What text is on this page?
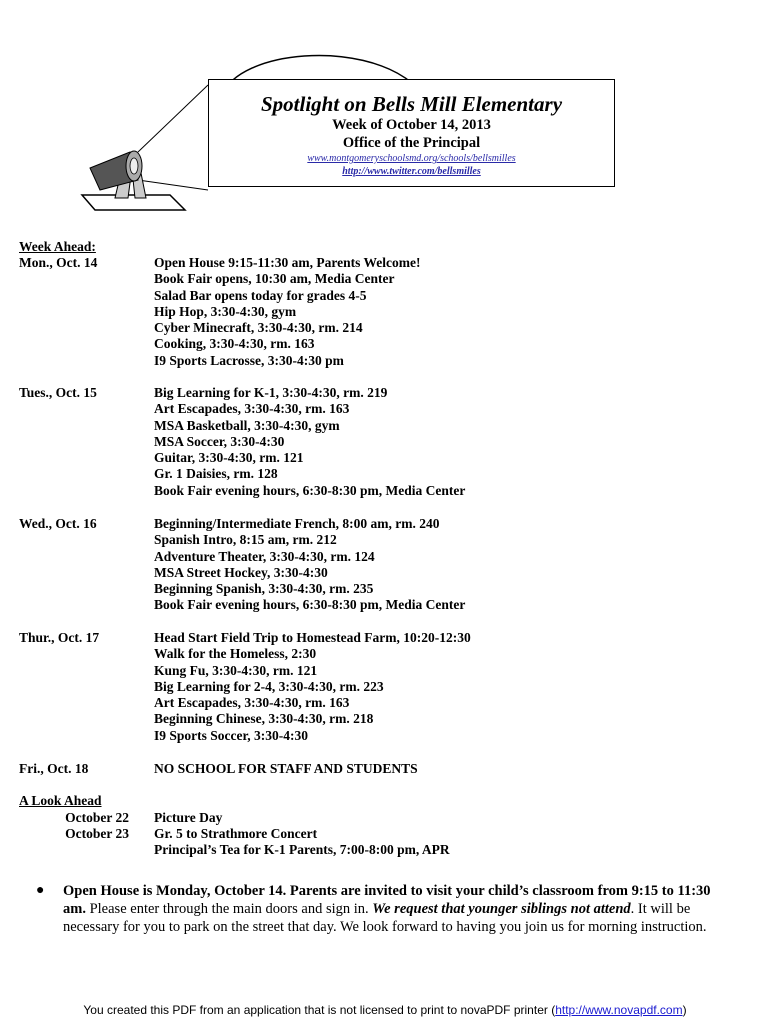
Spotlight on Bells Mill Elementary
Week of October 14, 2013
Office of the Principal
www.montgomeryschoolsmd.org/schools/bellsmilles
http://www.twitter.com/bellsmilles
Week Ahead:
Mon., Oct. 14	Open House 9:15-11:30 am, Parents Welcome!
Book Fair opens, 10:30 am, Media Center
Salad Bar opens today for grades 4-5
Hip Hop, 3:30-4:30, gym
Cyber Minecraft, 3:30-4:30, rm. 214
Cooking, 3:30-4:30, rm. 163
I9 Sports Lacrosse, 3:30-4:30 pm
Tues., Oct. 15	Big Learning for K-1, 3:30-4:30, rm. 219
Art Escapades, 3:30-4:30, rm. 163
MSA Basketball, 3:30-4:30, gym
MSA Soccer, 3:30-4:30
Guitar, 3:30-4:30, rm. 121
Gr. 1 Daisies, rm. 128
Book Fair evening hours, 6:30-8:30 pm, Media Center
Wed., Oct. 16	Beginning/Intermediate French, 8:00 am, rm. 240
Spanish Intro, 8:15 am, rm. 212
Adventure Theater, 3:30-4:30, rm. 124
MSA Street Hockey, 3:30-4:30
Beginning Spanish, 3:30-4:30, rm. 235
Book Fair evening hours, 6:30-8:30 pm, Media Center
Thur., Oct. 17	Head Start Field Trip to Homestead Farm, 10:20-12:30
Walk for the Homeless, 2:30
Kung Fu, 3:30-4:30, rm. 121
Big Learning for 2-4, 3:30-4:30, rm. 223
Art Escapades, 3:30-4:30, rm. 163
Beginning Chinese, 3:30-4:30, rm. 218
I9 Sports Soccer, 3:30-4:30
Fri., Oct. 18	NO SCHOOL FOR STAFF AND STUDENTS
A Look Ahead
October 22 Picture Day
October 23 Gr. 5 to Strathmore Concert
Principal’s Tea for K-1 Parents, 7:00-8:00 pm, APR
● Open House is Monday, October 14. Parents are invited to visit your child’s classroom from 9:15 to 11:30 am. Please enter through the main doors and sign in. We request that younger siblings not attend. It will be necessary for you to park on the street that day. We look forward to having you join us for morning instruction.
You created this PDF from an application that is not licensed to print to novaPDF printer (http://www.novapdf.com)
